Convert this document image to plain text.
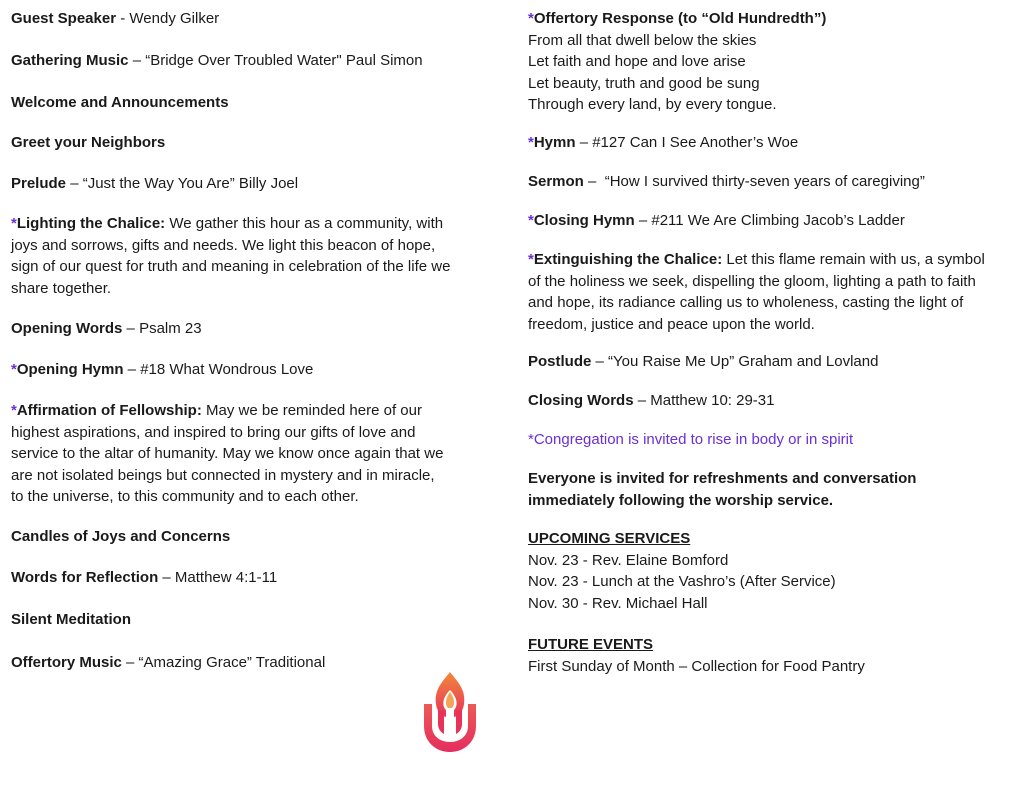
Guest Speaker - Wendy Gilker

Gathering Music – “Bridge Over Troubled Water" Paul Simon

Welcome and Announcements

Greet your Neighbors

Prelude – “Just the Way You Are” Billy Joel

*Lighting the Chalice: We gather this hour as a community, with joys and sorrows, gifts and needs. We light this beacon of hope, sign of our quest for truth and meaning in celebration of the life we share together.

Opening Words – Psalm 23

*Opening Hymn – #18 What Wondrous Love

*Affirmation of Fellowship: May we be reminded here of our highest aspirations, and inspired to bring our gifts of love and service to the altar of humanity. May we know once again that we are not isolated beings but connected in mystery and in miracle, to the universe, to this community and to each other.

Candles of Joys and Concerns

Words for Reflection – Matthew 4:1-11

Silent Meditation

Offertory Music – “Amazing Grace” Traditional

*Offertory Response (to “Old Hundredth”)
From all that dwell below the skies
Let faith and hope and love arise
Let beauty, truth and good be sung
Through every land, by every tongue.

*Hymn – #127 Can I See Another’s Woe

Sermon –  “How I survived thirty-seven years of caregiving”

*Closing Hymn – #211 We Are Climbing Jacob’s Ladder

*Extinguishing the Chalice: Let this flame remain with us, a symbol of the holiness we seek, dispelling the gloom, lighting a path to faith and hope, its radiance calling us to wholeness, casting the light of freedom, justice and peace upon the world.

Postlude – “You Raise Me Up” Graham and Lovland

Closing Words – Matthew 10: 29-31

*Congregation is invited to rise in body or in spirit

Everyone is invited for refreshments and conversation immediately following the worship service.

UPCOMING SERVICES
Nov. 23 - Rev. Elaine Bomford
Nov. 23 - Lunch at the Vashro’s (After Service)
Nov. 30 - Rev. Michael Hall
FUTURE EVENTS
First Sunday of Month – Collection for Food Pantry
